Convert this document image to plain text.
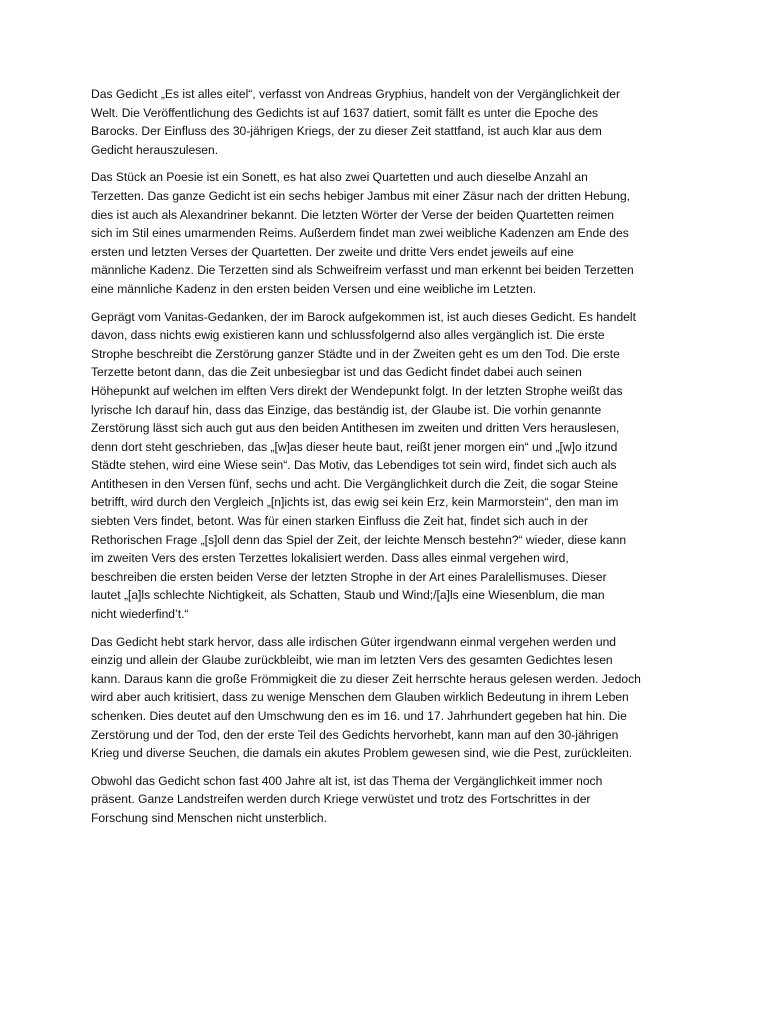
Das Gedicht „Es ist alles eitel“, verfasst von Andreas Gryphius, handelt von der Vergänglichkeit der
Welt. Die Veröffentlichung des Gedichts ist auf 1637 datiert, somit fällt es unter die Epoche des
Barocks. Der Einfluss des 30-jährigen Kriegs, der zu dieser Zeit stattfand, ist auch klar aus dem
Gedicht herauszulesen.

Das Stück an Poesie ist ein Sonett, es hat also zwei Quartetten und auch dieselbe Anzahl an
Terzetten. Das ganze Gedicht ist ein sechs hebiger Jambus mit einer Zäsur nach der dritten Hebung,
dies ist auch als Alexandriner bekannt. Die letzten Wörter der Verse der beiden Quartetten reimen
sich im Stil eines umarmenden Reims. Außerdem findet man zwei weibliche Kadenzen am Ende des
ersten und letzten Verses der Quartetten. Der zweite und dritte Vers endet jeweils auf eine
männliche Kadenz. Die Terzetten sind als Schweifreim verfasst und man erkennt bei beiden Terzetten
eine männliche Kadenz in den ersten beiden Versen und eine weibliche im Letzten.

Geprägt vom Vanitas-Gedanken, der im Barock aufgekommen ist, ist auch dieses Gedicht. Es handelt
davon, dass nichts ewig existieren kann und schlussfolgernd also alles vergänglich ist. Die erste
Strophe beschreibt die Zerstörung ganzer Städte und in der Zweiten geht es um den Tod. Die erste
Terzette betont dann, das die Zeit unbesiegbar ist und das Gedicht findet dabei auch seinen
Höhepunkt auf welchen im elften Vers direkt der Wendepunkt folgt. In der letzten Strophe weißt das
lyrische Ich darauf hin, dass das Einzige, das beständig ist, der Glaube ist. Die vorhin genannte
Zerstörung lässt sich auch gut aus den beiden Antithesen im zweiten und dritten Vers herauslesen,
denn dort steht geschrieben, das „[w]as dieser heute baut, reißt jener morgen ein“ und „[w]o itzund
Städte stehen, wird eine Wiese sein“. Das Motiv, das Lebendiges tot sein wird, findet sich auch als
Antithesen in den Versen fünf, sechs und acht. Die Vergänglichkeit durch die Zeit, die sogar Steine
betrifft, wird durch den Vergleich „[n]ichts ist, das ewig sei kein Erz, kein Marmorstein“, den man im
siebten Vers findet, betont. Was für einen starken Einfluss die Zeit hat, findet sich auch in der
Rethorischen Frage „[s]oll denn das Spiel der Zeit, der leichte Mensch bestehn?“ wieder, diese kann
im zweiten Vers des ersten Terzettes lokalisiert werden. Dass alles einmal vergehen wird,
beschreiben die ersten beiden Verse der letzten Strophe in der Art eines Paralellismuses. Dieser
lautet „[a]ls schlechte Nichtigkeit, als Schatten, Staub und Wind;/[a]ls eine Wiesenblum, die man
nicht wiederfind’t.“

Das Gedicht hebt stark hervor, dass alle irdischen Güter irgendwann einmal vergehen werden und
einzig und allein der Glaube zurückbleibt, wie man im letzten Vers des gesamten Gedichtes lesen
kann. Daraus kann die große Frömmigkeit die zu dieser Zeit herrschte heraus gelesen werden. Jedoch
wird aber auch kritisiert, dass zu wenige Menschen dem Glauben wirklich Bedeutung in ihrem Leben
schenken. Dies deutet auf den Umschwung den es im 16. und 17. Jahrhundert gegeben hat hin. Die
Zerstörung und der Tod, den der erste Teil des Gedichts hervorhebt, kann man auf den 30-jährigen
Krieg und diverse Seuchen, die damals ein akutes Problem gewesen sind, wie die Pest, zurückleiten.

Obwohl das Gedicht schon fast 400 Jahre alt ist, ist das Thema der Vergänglichkeit immer noch
präsent. Ganze Landstreifen werden durch Kriege verwüstet und trotz des Fortschrittes in der
Forschung sind Menschen nicht unsterblich.
